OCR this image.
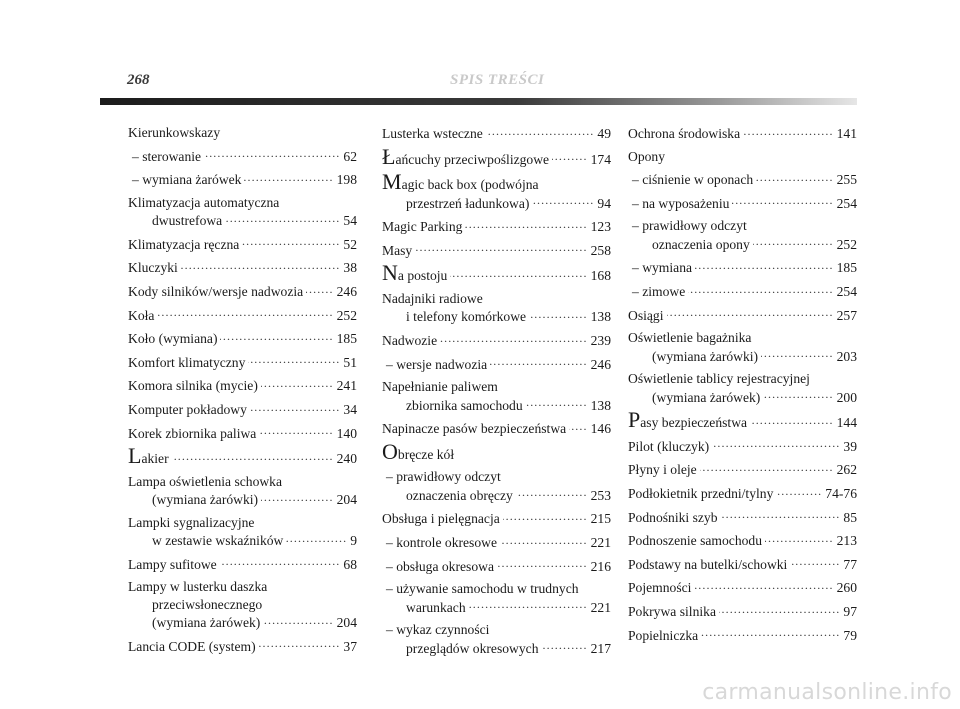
268	SPIS TREŚCI
Kierunkowskazy
– sterowanie .....	62
– wymiana żarówek .....	198
Klimatyzacja automatyczna
dwustrefowa .....	54
Klimatyzacja ręczna .....	52
Kluczyki .....	38
Kody silników/wersje nadwozia ..... 246
Koła .....	252
Koło (wymiana) .....	185
Komfort klimatyczny .....	51
Komora silnika (mycie) .....	241
Komputer pokładowy .....	34
Korek zbiornika paliwa .....	140
L akier .....	240
Lampa oświetlenia schowka
(wymiana żarówki) .....	204
Lampki sygnalizacyjne
w zestawie wskaźników .....	9
Lampy sufitowe .....	68
Lampy w lusterku daszka
przeciwsłonecznego
(wymiana żarówek) .....	204
Lancia CODE (system) .....	37
Lusterka wsteczne .....	49
Ł ańcuchy przeciwpoślizgowe .....	174
M agic back box (podwójna
przestrzeń ładunkowa) .....	94
Magic Parking .....	123
Masy .....	258
N a postoju .....	168
Nadajniki radiowe
i telefony komórkowe .....	138
Nadwozie .....	239
– wersje nadwozia .....	246
Napełnianie paliwem
zbiornika samochodu .....	138
Napinacze pasów bezpieczeństwa ..... 146
O bręcze kół
– prawidłowy odczyt
oznaczenia obręczy .....	253
Obsługa i pielęgnacja .....	215
– kontrole okresowe .....	221
– obsługa okresowa .....	216
– używanie samochodu w trudnych
warunkach .....	221
– wykaz czynności
przeglądów okresowych .....	217
Ochrona środowiska .....	141
Opony
– ciśnienie w oponach .....	255
– na wyposażeniu .....	254
– prawidłowy odczyt
oznaczenia opony .....	252
– wymiana .....	185
– zimowe .....	254
Osiągi .....	257
Oświetlenie bagażnika
(wymiana żarówki) .....	203
Oświetlenie tablicy rejestracyjnej
(wymiana żarówek) .....	200
P asy bezpieczeństwa .....	144
Pilot (kluczyk) .....	39
Płyny i oleje .....	262
Podłokietnik przedni/tylny .....	74-76
Podnośniki szyb .....	85
Podnoszenie samochodu .....	213
Podstawy na butelki/schowki .....	77
Pojemności .....	260
Pokrywa silnika .....	97
Popielniczka .....	79
carmanualsonline.info
